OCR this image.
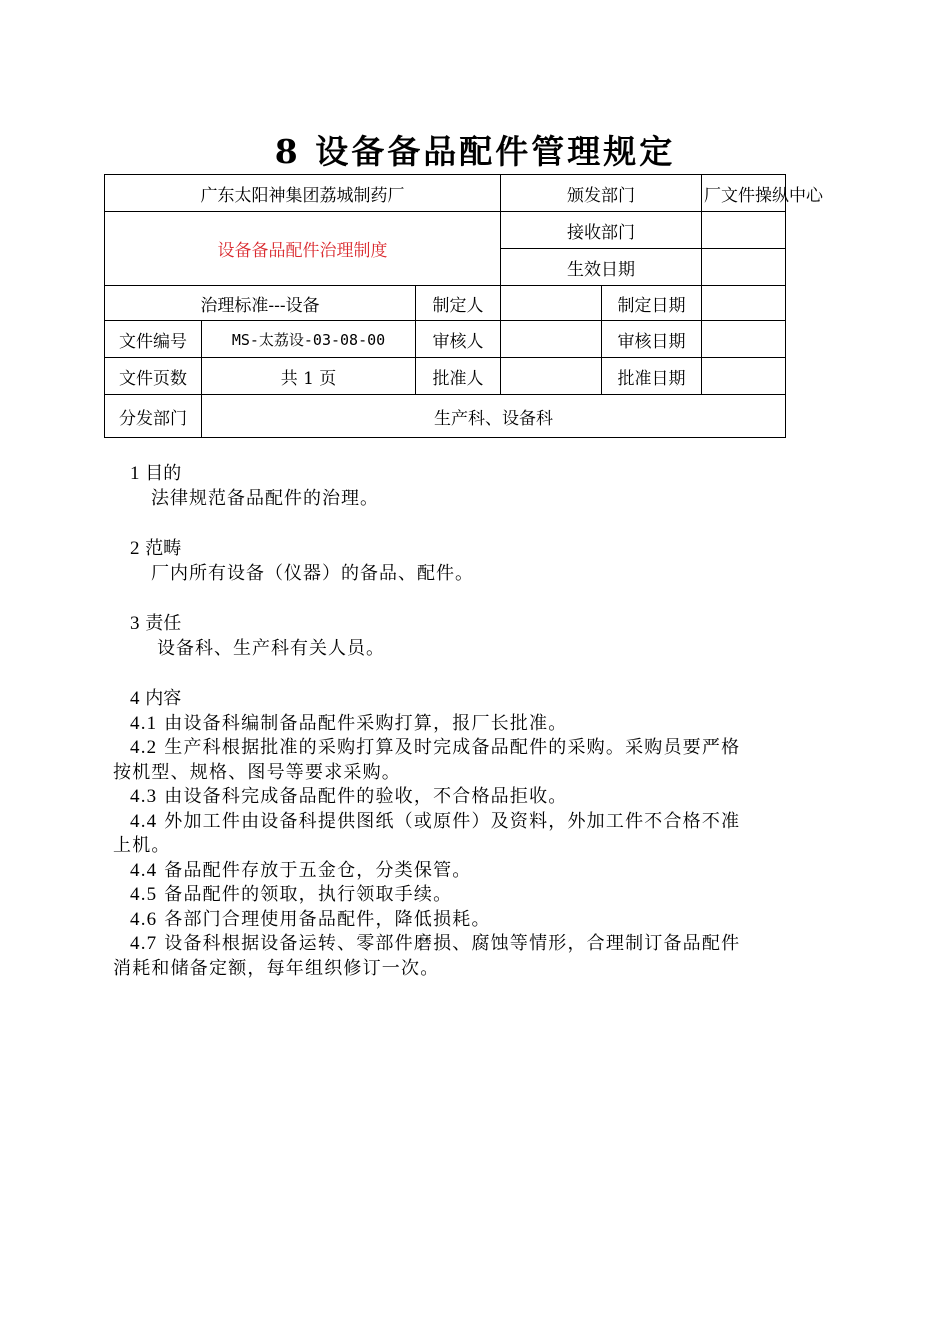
8 设备备品配件管理规定
广东太阳神集团荔城制药厂			颁发部门		厂文件操纵中心
设备备品配件治理制度			接收部门		
			生效日期		
治理标准---设备		制定人		制定日期	
文件编号	MS-太荔设-03-08-00	审核人		审核日期	
文件页数	共 1 页	批准人		批准日期	
分发部门	生产科、设备科				

1 目的

法律规范备品配件的治理。

2 范畴

厂内所有设备（仪器）的备品、配件。

3 责任

设备科、生产科有关人员。

4 内容

4.1 由设备科编制备品配件采购打算，报厂长批准。

4.2 生产科根据批准的采购打算及时完成备品配件的采购。采购员要严格

按机型、规格、图号等要求采购。

4.3 由设备科完成备品配件的验收，不合格品拒收。

4.4 外加工件由设备科提供图纸（或原件）及资料，外加工件不合格不准

上机。

4.4 备品配件存放于五金仓，分类保管。

4.5 备品配件的领取，执行领取手续。

4.6 各部门合理使用备品配件，降低损耗。

4.7 设备科根据设备运转、零部件磨损、腐蚀等情形，合理制订备品配件

消耗和储备定额，每年组织修订一次。
